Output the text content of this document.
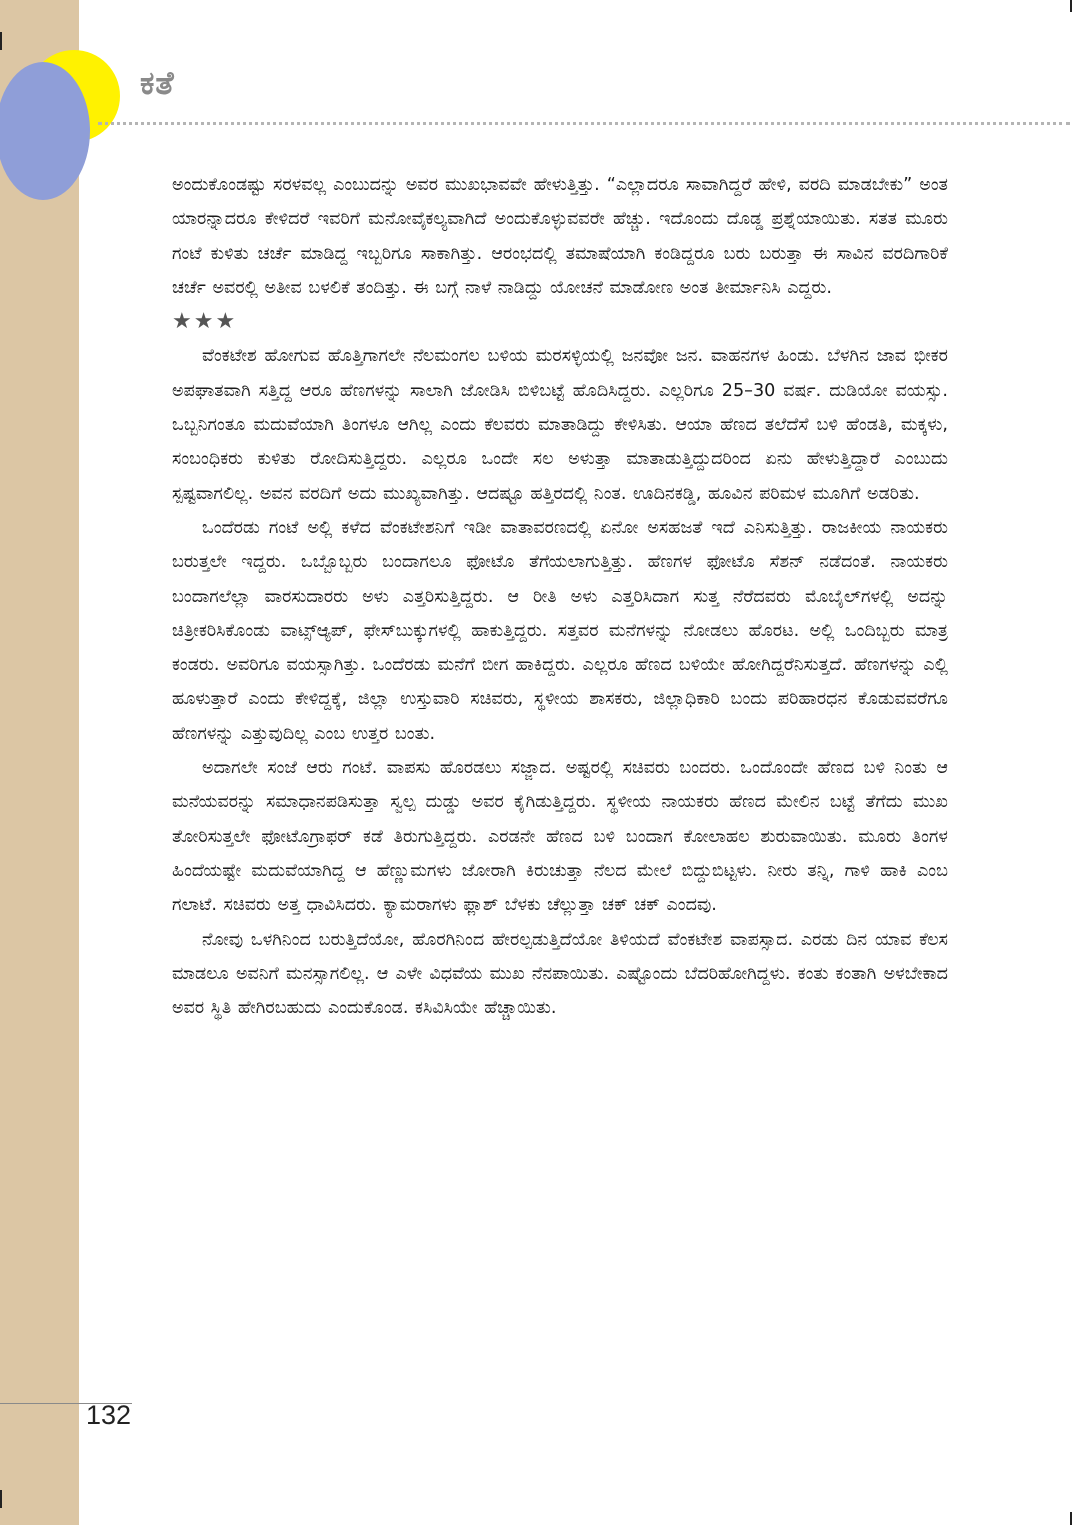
ಕತೆ

ಅಂದುಕೊಂಡಷ್ಟು ಸರಳವಲ್ಲ ಎಂಬುದನ್ನು ಅವರ ಮುಖಭಾವವೇ ಹೇಳುತ್ತಿತ್ತು. “ಎಲ್ಲಾದರೂ ಸಾವಾಗಿದ್ದರೆ ಹೇಳಿ, ವರದಿ ಮಾಡಬೇಕು” ಅಂತ ಯಾರನ್ನಾದರೂ ಕೇಳಿದರೆ ಇವರಿಗೆ ಮನೋವೈಕಲ್ಯವಾಗಿದೆ ಅಂದುಕೊಳ್ಳುವವರೇ ಹೆಚ್ಚು. ಇದೊಂದು ದೊಡ್ಡ ಪ್ರಶ್ನೆಯಾಯಿತು. ಸತತ ಮೂರು ಗಂಟೆ ಕುಳಿತು ಚರ್ಚೆ ಮಾಡಿದ್ದ ಇಬ್ಬರಿಗೂ ಸಾಕಾಗಿತ್ತು. ಆರಂಭದಲ್ಲಿ ತಮಾಷೆಯಾಗಿ ಕಂಡಿದ್ದರೂ ಬರು ಬರುತ್ತಾ ಈ ಸಾವಿನ ವರದಿಗಾರಿಕೆ ಚರ್ಚೆ ಅವರಲ್ಲಿ ಅತೀವ ಬಳಲಿಕೆ ತಂದಿತ್ತು. ಈ ಬಗ್ಗೆ ನಾಳೆ ನಾಡಿದ್ದು ಯೋಚನೆ ಮಾಡೋಣ ಅಂತ ತೀರ್ಮಾನಿಸಿ ಎದ್ದರು.

★★★

ವೆಂಕಟೇಶ ಹೋಗುವ ಹೊತ್ತಿಗಾಗಲೇ ನೆಲಮಂಗಲ ಬಳಿಯ ಮರಸಳ್ಳಿಯಲ್ಲಿ ಜನವೋ ಜನ. ವಾಹನಗಳ ಹಿಂಡು. ಬೆಳಗಿನ ಜಾವ ಭೀಕರ ಅಪಘಾತವಾಗಿ ಸತ್ತಿದ್ದ ಆರೂ ಹೆಣಗಳನ್ನು ಸಾಲಾಗಿ ಜೋಡಿಸಿ ಬಿಳಿಬಟ್ಟೆ ಹೊದಿಸಿದ್ದರು. ಎಲ್ಲರಿಗೂ 25–30 ವರ್ಷ. ದುಡಿಯೋ ವಯಸ್ಸು. ಒಬ್ಬನಿಗಂತೂ ಮದುವೆಯಾಗಿ ತಿಂಗಳೂ ಆಗಿಲ್ಲ ಎಂದು ಕೆಲವರು ಮಾತಾಡಿದ್ದು ಕೇಳಿಸಿತು. ಆಯಾ ಹೆಣದ ತಲೆದೆಸೆ ಬಳಿ ಹೆಂಡತಿ, ಮಕ್ಕಳು, ಸಂಬಂಧಿಕರು ಕುಳಿತು ರೋದಿಸುತ್ತಿದ್ದರು. ಎಲ್ಲರೂ ಒಂದೇ ಸಲ ಅಳುತ್ತಾ ಮಾತಾಡುತ್ತಿದ್ದುದರಿಂದ ಏನು ಹೇಳುತ್ತಿದ್ದಾರೆ ಎಂಬುದು ಸ್ಪಷ್ಟವಾಗಲಿಲ್ಲ. ಅವನ ವರದಿಗೆ ಅದು ಮುಖ್ಯವಾಗಿತ್ತು. ಆದಷ್ಟೂ ಹತ್ತಿರದಲ್ಲಿ ನಿಂತ. ಊದಿನಕಡ್ಡಿ, ಹೂವಿನ ಪರಿಮಳ ಮೂಗಿಗೆ ಅಡರಿತು.

ಒಂದೆರಡು ಗಂಟೆ ಅಲ್ಲಿ ಕಳೆದ ವೆಂಕಟೇಶನಿಗೆ ಇಡೀ ವಾತಾವರಣದಲ್ಲಿ ಏನೋ ಅಸಹಜತೆ ಇದೆ ಎನಿಸುತ್ತಿತ್ತು. ರಾಜಕೀಯ ನಾಯಕರು ಬರುತ್ತಲೇ ಇದ್ದರು. ಒಬ್ಬೊಬ್ಬರು ಬಂದಾಗಲೂ ಫೋಟೊ ತೆಗೆಯಲಾಗುತ್ತಿತ್ತು. ಹೆಣಗಳ ಫೋಟೊ ಸೆಶನ್ ನಡೆದಂತೆ. ನಾಯಕರು ಬಂದಾಗಲೆಲ್ಲಾ ವಾರಸುದಾರರು ಅಳು ಎತ್ತರಿಸುತ್ತಿದ್ದರು. ಆ ರೀತಿ ಅಳು ಎತ್ತರಿಸಿದಾಗ ಸುತ್ತ ನೆರೆದವರು ಮೊಬೈಲ್‌ಗಳಲ್ಲಿ ಅದನ್ನು ಚಿತ್ರೀಕರಿಸಿಕೊಂಡು ವಾಟ್ಸ್‌ಆ್ಯಪ್, ಫೇಸ್‌ಬುಕ್ಕುಗಳಲ್ಲಿ ಹಾಕುತ್ತಿದ್ದರು. ಸತ್ತವರ ಮನೆಗಳನ್ನು ನೋಡಲು ಹೊರಟ. ಅಲ್ಲಿ ಒಂದಿಬ್ಬರು ಮಾತ್ರ ಕಂಡರು. ಅವರಿಗೂ ವಯಸ್ಸಾಗಿತ್ತು. ಒಂದೆರಡು ಮನೆಗೆ ಬೀಗ ಹಾಕಿದ್ದರು. ಎಲ್ಲರೂ ಹೆಣದ ಬಳಿಯೇ ಹೋಗಿದ್ದರೆನಿಸುತ್ತದೆ. ಹೆಣಗಳನ್ನು ಎಲ್ಲಿ ಹೂಳುತ್ತಾರೆ ಎಂದು ಕೇಳಿದ್ದಕ್ಕೆ, ಜಿಲ್ಲಾ ಉಸ್ತುವಾರಿ ಸಚಿವರು, ಸ್ಥಳೀಯ ಶಾಸಕರು, ಜಿಲ್ಲಾಧಿಕಾರಿ ಬಂದು ಪರಿಹಾರಧನ ಕೊಡುವವರೆಗೂ ಹೆಣಗಳನ್ನು ಎತ್ತುವುದಿಲ್ಲ ಎಂಬ ಉತ್ತರ ಬಂತು.

ಅದಾಗಲೇ ಸಂಜೆ ಆರು ಗಂಟೆ. ವಾಪಸು ಹೊರಡಲು ಸಜ್ಜಾದ. ಅಷ್ಟರಲ್ಲಿ ಸಚಿವರು ಬಂದರು. ಒಂದೊಂದೇ ಹೆಣದ ಬಳಿ ನಿಂತು ಆ ಮನೆಯವರನ್ನು ಸಮಾಧಾನಪಡಿಸುತ್ತಾ ಸ್ವಲ್ಪ ದುಡ್ಡು ಅವರ ಕೈಗಿಡುತ್ತಿದ್ದರು. ಸ್ಥಳೀಯ ನಾಯಕರು ಹೆಣದ ಮೇಲಿನ ಬಟ್ಟೆ ತೆಗೆದು ಮುಖ ತೋರಿಸುತ್ತಲೇ ಫೋಟೊಗ್ರಾಫರ್ ಕಡೆ ತಿರುಗುತ್ತಿದ್ದರು. ಎರಡನೇ ಹೆಣದ ಬಳಿ ಬಂದಾಗ ಕೋಲಾಹಲ ಶುರುವಾಯಿತು. ಮೂರು ತಿಂಗಳ ಹಿಂದೆಯಷ್ಟೇ ಮದುವೆಯಾಗಿದ್ದ ಆ ಹೆಣ್ಣುಮಗಳು ಜೋರಾಗಿ ಕಿರುಚುತ್ತಾ ನೆಲದ ಮೇಲೆ ಬಿದ್ದುಬಿಟ್ಟಳು. ನೀರು ತನ್ನಿ, ಗಾಳಿ ಹಾಕಿ ಎಂಬ ಗಲಾಟೆ. ಸಚಿವರು ಅತ್ತ ಧಾವಿಸಿದರು. ಕ್ಯಾಮರಾಗಳು ಫ್ಲಾಶ್ ಬೆಳಕು ಚೆಲ್ಲುತ್ತಾ ಚಕ್ ಚಕ್ ಎಂದವು.

ನೋವು ಒಳಗಿನಿಂದ ಬರುತ್ತಿದೆಯೋ, ಹೊರಗಿನಿಂದ ಹೇರಲ್ಪಡುತ್ತಿದೆಯೋ ತಿಳಿಯದೆ ವೆಂಕಟೇಶ ವಾಪಸ್ಸಾದ. ಎರಡು ದಿನ ಯಾವ ಕೆಲಸ ಮಾಡಲೂ ಅವನಿಗೆ ಮನಸ್ಸಾಗಲಿಲ್ಲ. ಆ ಎಳೇ ವಿಧವೆಯ ಮುಖ ನೆನಪಾಯಿತು. ಎಷ್ಟೊಂದು ಬೆದರಿಹೋಗಿದ್ದಳು. ಕಂತು ಕಂತಾಗಿ ಅಳಬೇಕಾದ ಅವರ ಸ್ಥಿತಿ ಹೇಗಿರಬಹುದು ಎಂದುಕೊಂಡ. ಕಸಿವಿಸಿಯೇ ಹೆಚ್ಚಾಯಿತು.

132
